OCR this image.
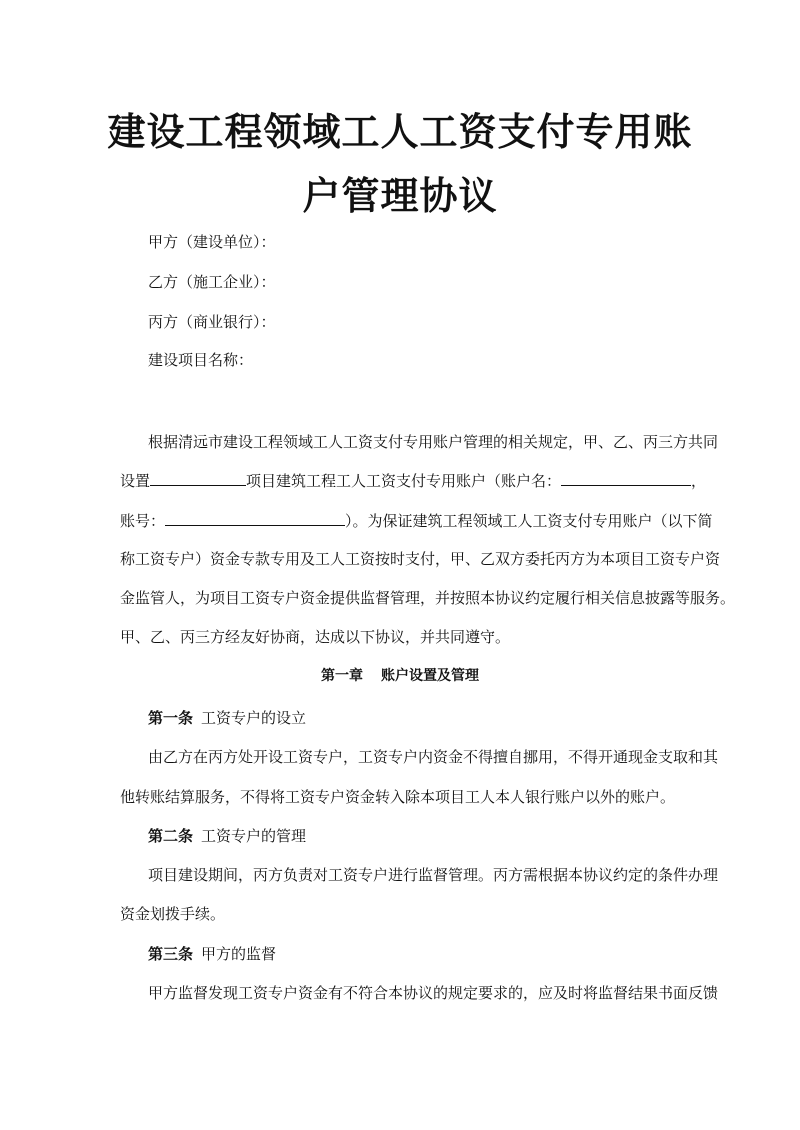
建设工程领域工人工资支付专用账
户管理协议
甲方（建设单位）：
乙方（施工企业）：
丙方（商业银行）：
建设项目名称：
根据清远市建设工程领域工人工资支付专用账户管理的相关规定，甲、乙、丙三方共同
设置	项目建筑工程工人工资支付专用账户（账户名：	，
账号：	）。为保证建筑工程领域工人工资支付专用账户（以下简
称工资专户）资金专款专用及工人工资按时支付，甲、乙双方委托丙方为本项目工资专户资
金监管人，为项目工资专户资金提供监督管理，并按照本协议约定履行相关信息披露等服务。
甲、乙、丙三方经友好协商，达成以下协议，并共同遵守。
第一章 账户设置及管理
第一条 工资专户的设立
由乙方在丙方处开设工资专户，工资专户内资金不得擅自挪用，不得开通现金支取和其
他转账结算服务，不得将工资专户资金转入除本项目工人本人银行账户以外的账户。
第二条 工资专户的管理
项目建设期间，丙方负责对工资专户进行监督管理。丙方需根据本协议约定的条件办理
资金划拨手续。
第三条 甲方的监督
甲方监督发现工资专户资金有不符合本协议的规定要求的，应及时将监督结果书面反馈
